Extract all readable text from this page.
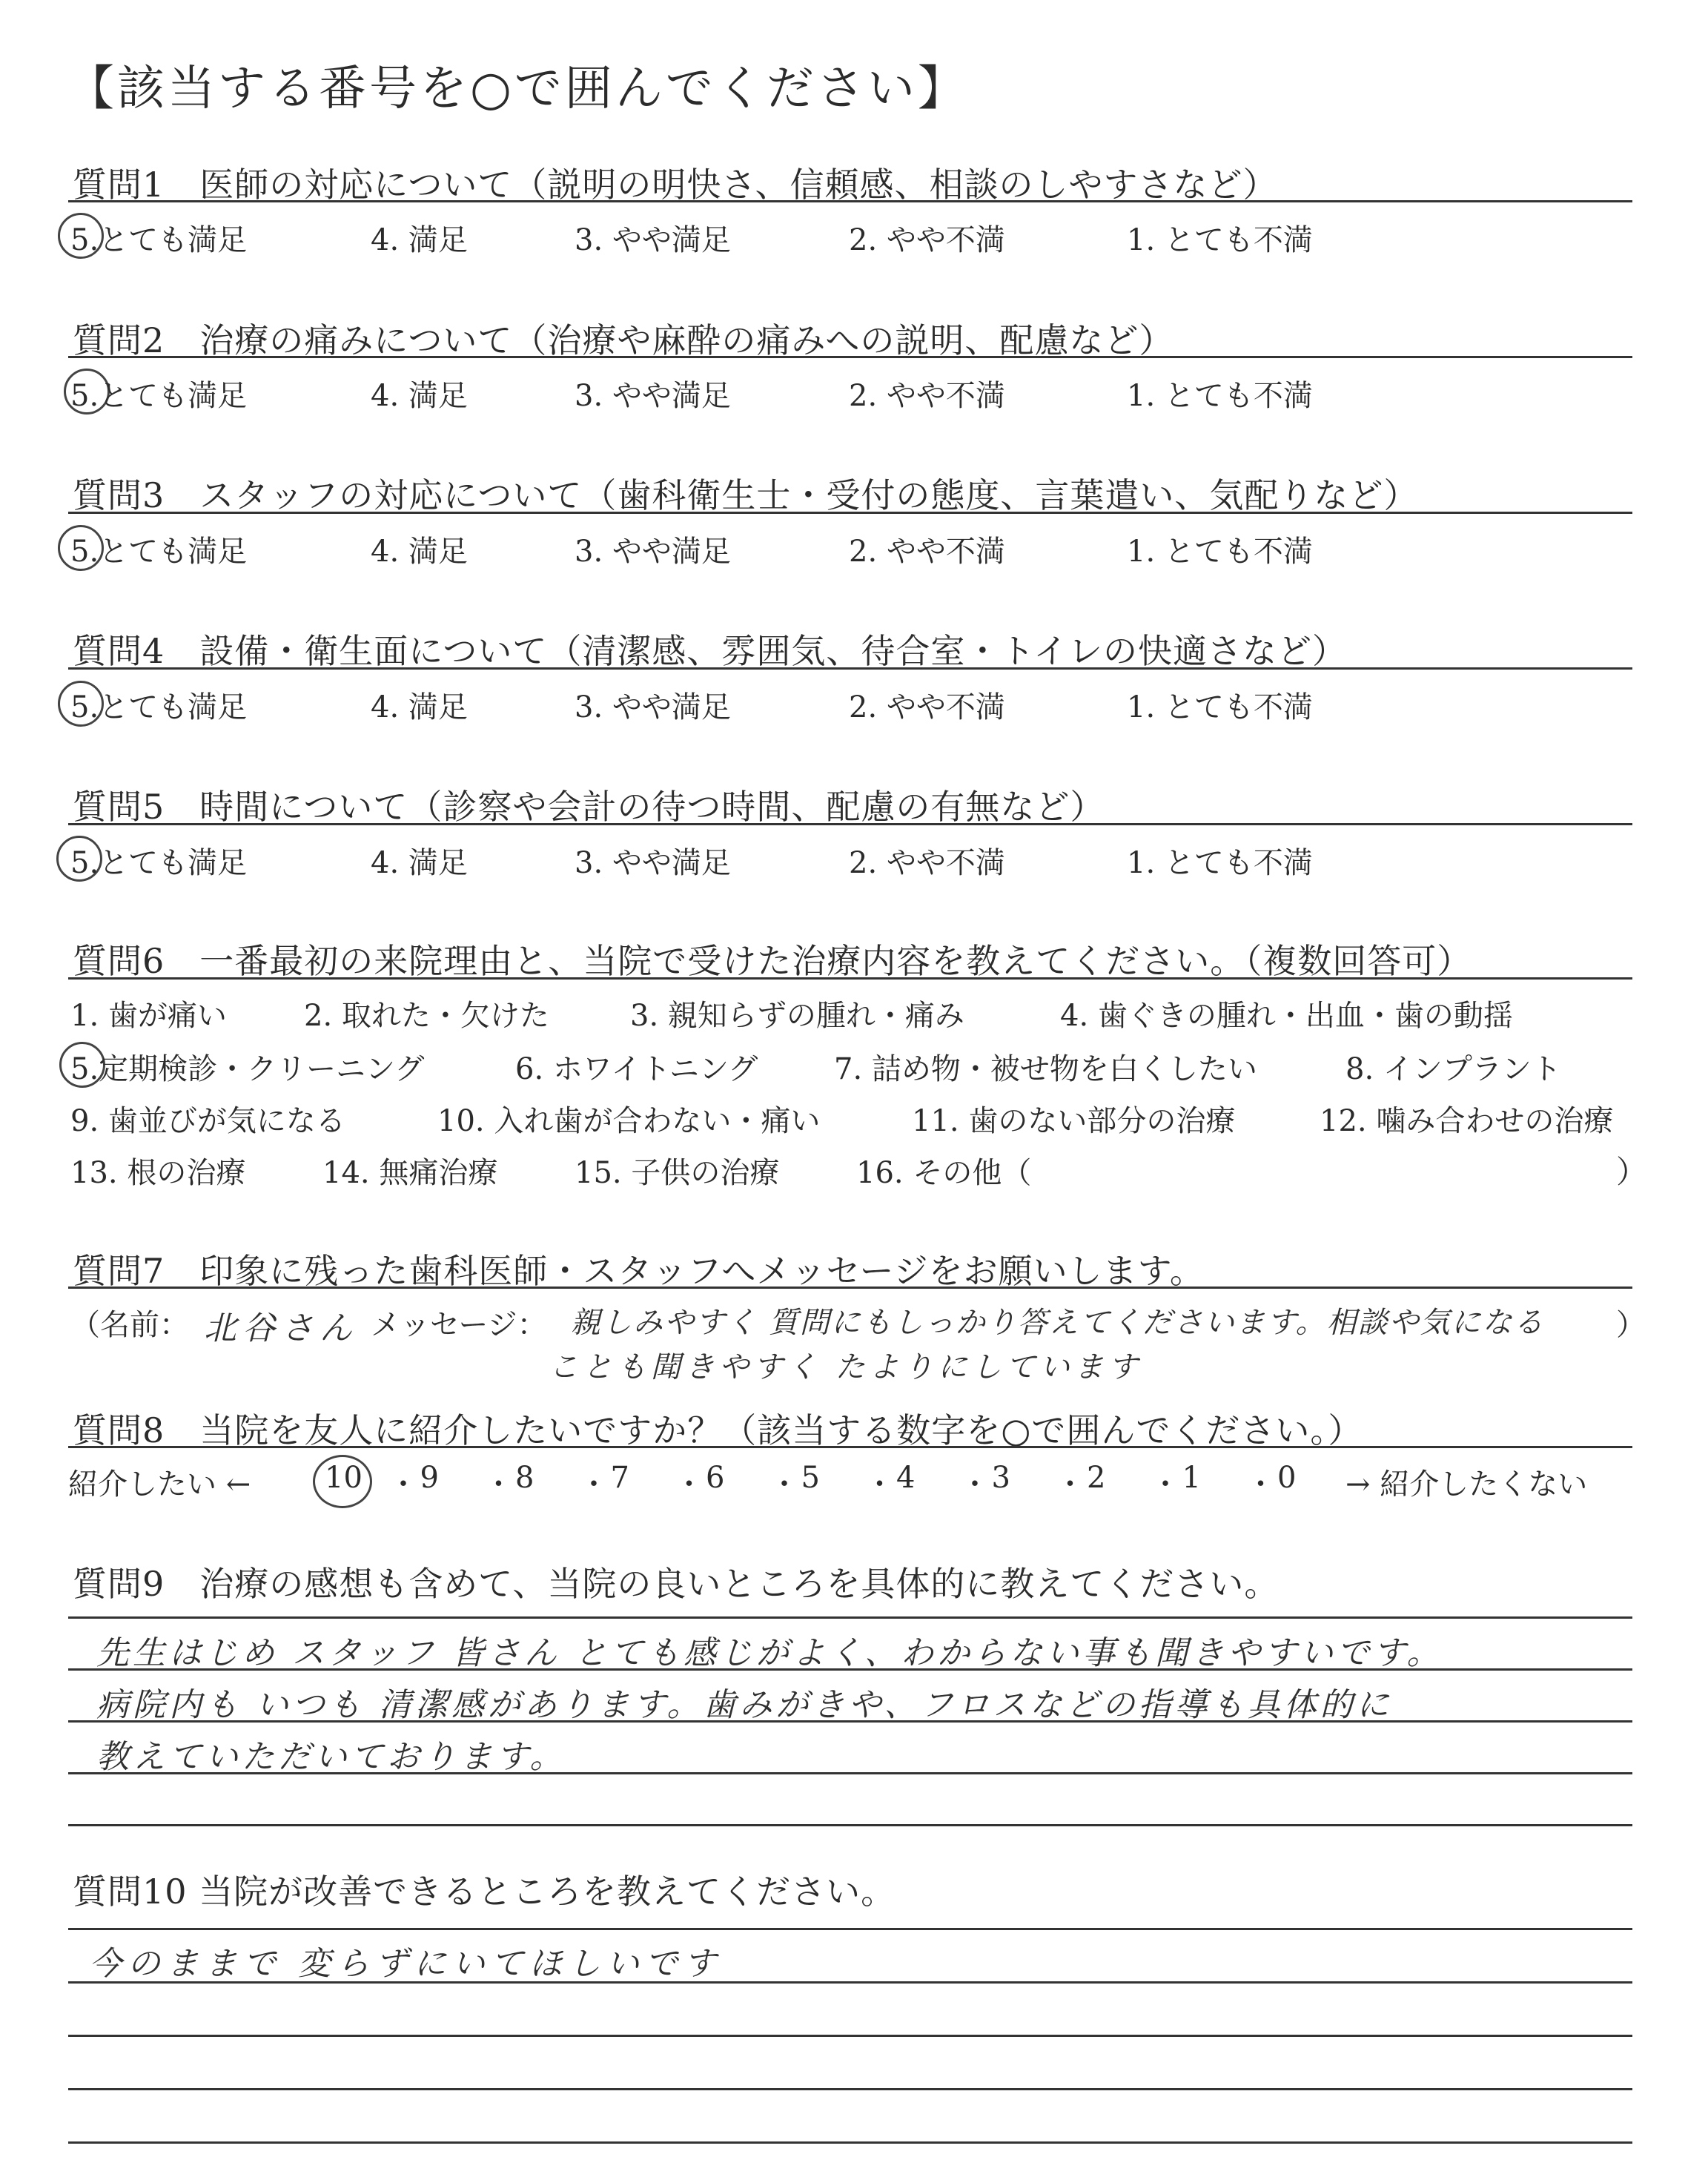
【該当する番号を○で囲んでください】
質問1　医師の対応について（説明の明快さ、信頼感、相談のしやすさなど）
5.とても満足	4. 満足	3. やや満足	2. やや不満	1. とても不満
質問2　治療の痛みについて（治療や麻酔の痛みへの説明、配慮など）
5.とても満足	4. 満足	3. やや満足	2. やや不満	1. とても不満
質問3　スタッフの対応について（歯科衛生士・受付の態度、言葉遣い、気配りなど）
5.とても満足	4. 満足	3. やや満足	2. やや不満	1. とても不満
質問4　設備・衛生面について（清潔感、雰囲気、待合室・トイレの快適さなど）
5.とても満足	4. 満足	3. やや満足	2. やや不満	1. とても不満
質問5　時間について（診察や会計の待つ時間、配慮の有無など）
5.とても満足	4. 満足	3. やや満足	2. やや不満	1. とても不満
質問6　一番最初の来院理由と、当院で受けた治療内容を教えてください。（複数回答可）
1. 歯が痛い	2. 取れた・欠けた	3. 親知らずの腫れ・痛み	4. 歯ぐきの腫れ・出血・歯の動揺
5.定期検診・クリーニング	6. ホワイトニング	7. 詰め物・被せ物を白くしたい	8. インプラント
9. 歯並びが気になる	10. 入れ歯が合わない・痛い	11. 歯のない部分の治療	12. 噛み合わせの治療
13. 根の治療	14. 無痛治療	15. 子供の治療	16. その他（	）
質問7　印象に残った歯科医師・スタッフへメッセージをお願いします。
（名前： 北谷さん メッセージ： 親しみやすく 質問にもしっかり答えてくださいます。相談や気になる
ことも聞きやすく たよりにしています
）
質問8　当院を友人に紹介したいですか？（該当する数字を○で囲んでください。）
紹介したい ← 10 ・ 9 ・ 8 ・ 7 ・ 6 ・ 5 ・ 4 ・ 3 ・ 2 ・ 1 ・ 0 → 紹介したくない
質問9　治療の感想も含めて、当院の良いところを具体的に教えてください。
先生はじめ スタッフ 皆さん とても感じがよく、わからない事も聞きやすいです。
病院内も いつも 清潔感があります。歯みがきや、フロスなどの指導も具体的に
教えていただいております。
質問10 当院が改善できるところを教えてください。
今のままで 変らずにいてほしいです
